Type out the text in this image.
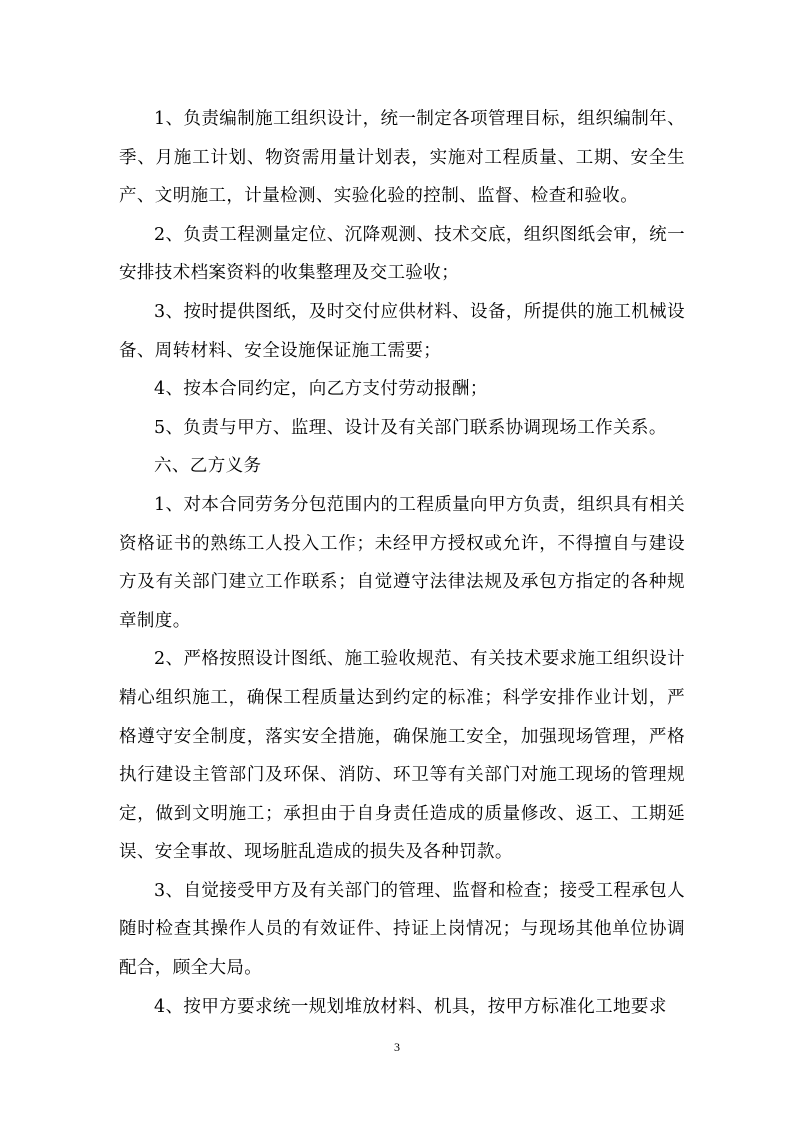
1、负责编制施工组织设计，统一制定各项管理目标，组织编制年、季、月施工计划、物资需用量计划表，实施对工程质量、工期、安全生产、文明施工，计量检测、实验化验的控制、监督、检查和验收。

2、负责工程测量定位、沉降观测、技术交底，组织图纸会审，统一安排技术档案资料的收集整理及交工验收；

3、按时提供图纸，及时交付应供材料、设备，所提供的施工机械设备、周转材料、安全设施保证施工需要；

4、按本合同约定，向乙方支付劳动报酬；

5、负责与甲方、监理、设计及有关部门联系协调现场工作关系。

六、乙方义务

1、对本合同劳务分包范围内的工程质量向甲方负责，组织具有相关资格证书的熟练工人投入工作；未经甲方授权或允许，不得擅自与建设方及有关部门建立工作联系；自觉遵守法律法规及承包方指定的各种规章制度。

2、严格按照设计图纸、施工验收规范、有关技术要求施工组织设计精心组织施工，确保工程质量达到约定的标准；科学安排作业计划，严格遵守安全制度，落实安全措施，确保施工安全，加强现场管理，严格执行建设主管部门及环保、消防、环卫等有关部门对施工现场的管理规定，做到文明施工；承担由于自身责任造成的质量修改、返工、工期延误、安全事故、现场脏乱造成的损失及各种罚款。

3、自觉接受甲方及有关部门的管理、监督和检查；接受工程承包人随时检查其操作人员的有效证件、持证上岗情况；与现场其他单位协调配合，顾全大局。

4、按甲方要求统一规划堆放材料、机具，按甲方标准化工地要求

3
